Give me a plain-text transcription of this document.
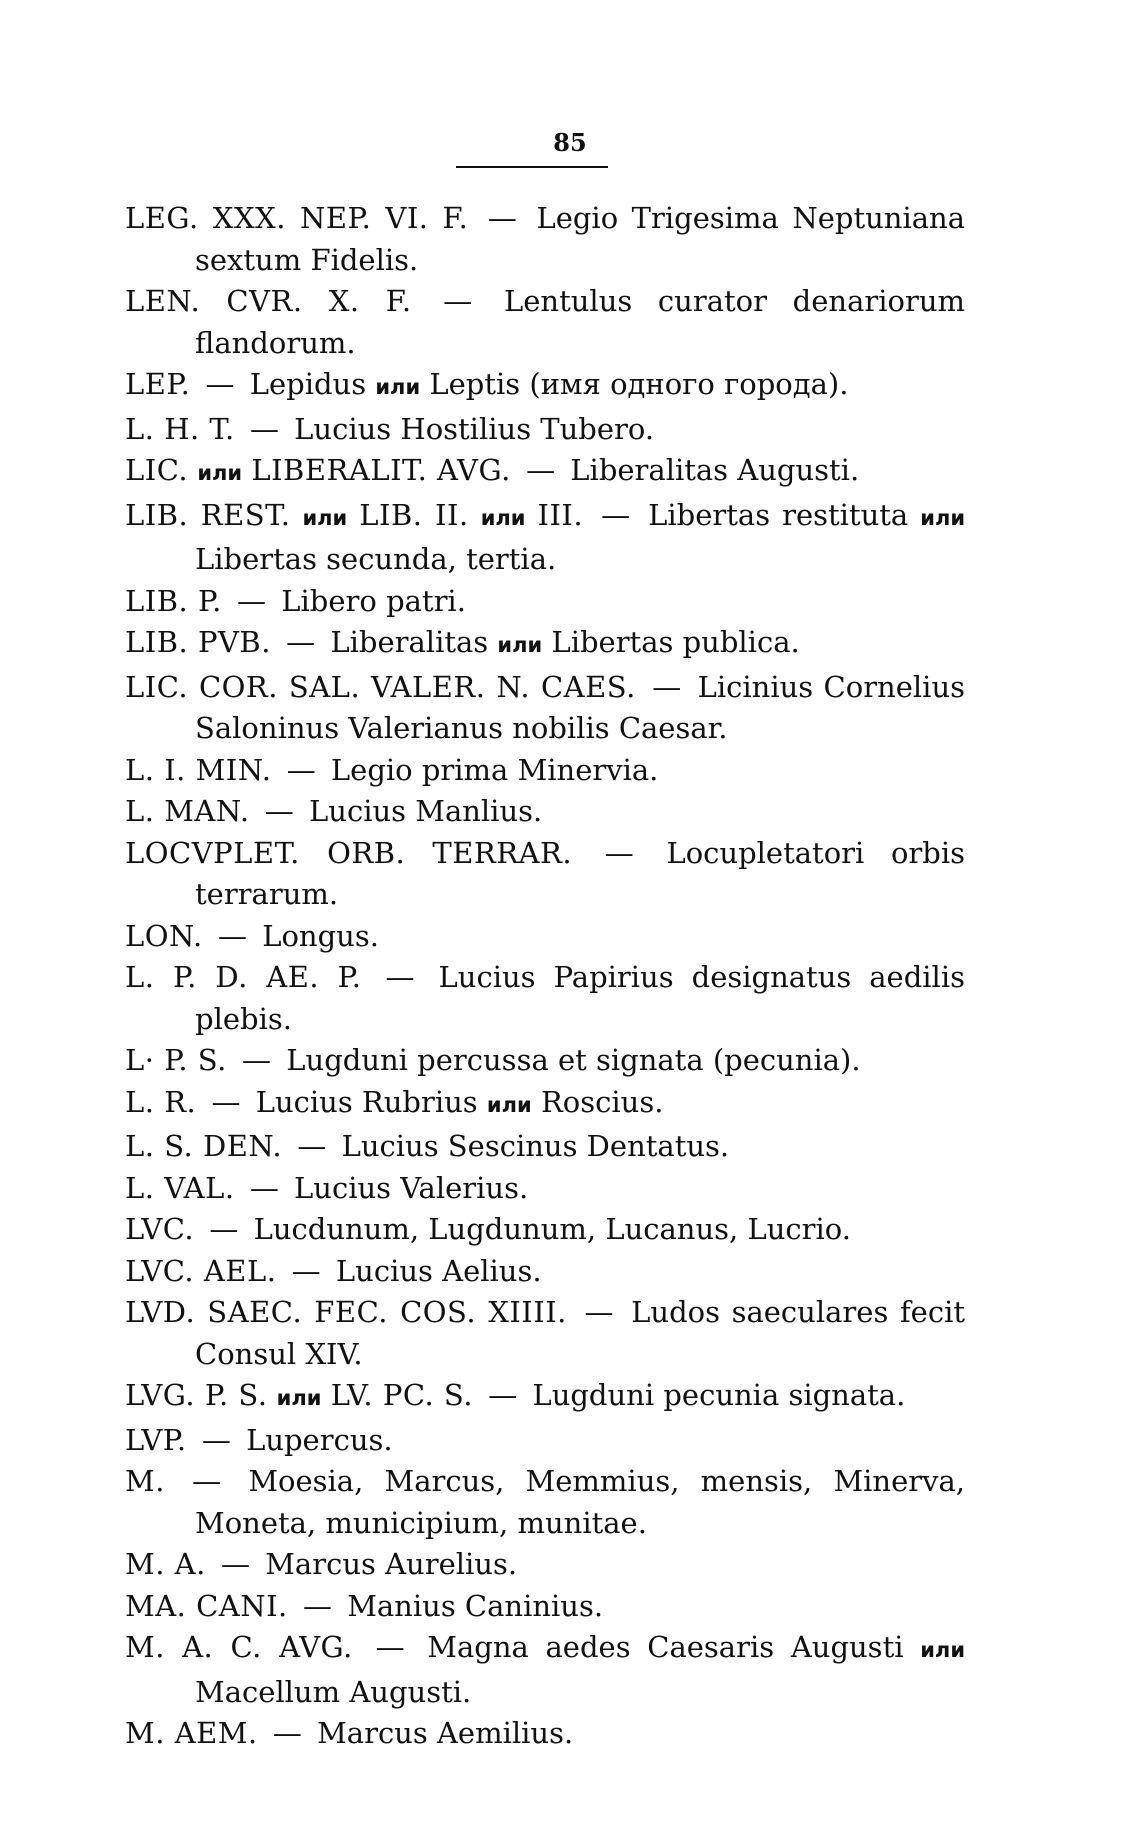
85

LEG. XXX. NEP. VI. F. — Legio Trigesima Neptuniana sextum Fidelis.

LEN. CVR. X. F. — Lentulus curator denariorum flandorum.

LEP. — Lepidus или Leptis (имя одного города).

L. H. T. — Lucius Hostilius Tubero.

LIC. или LIBERALIT. AVG. — Liberalitas Augusti.

LIB. REST. или LIB. II. или III. — Libertas restituta или Libertas secunda, tertia.

LIB. P. — Libero patri.

LIB. PVB. — Liberalitas или Libertas publica.

LIC. COR. SAL. VALER. N. CAES. — Licinius Cornelius Saloninus Valerianus nobilis Caesar.

L. I. MIN. — Legio prima Minervia.

L. MAN. — Lucius Manlius.

LOCVPLET. ORB. TERRAR. — Locupletatori orbis terrarum.

LON. — Longus.

L. P. D. AE. P. — Lucius Papirius designatus aedilis plebis.

L· P. S. — Lugduni percussa et signata (pecunia).

L. R. — Lucius Rubrius или Roscius.

L. S. DEN. — Lucius Sescinus Dentatus.

L. VAL. — Lucius Valerius.

LVC. — Lucdunum, Lugdunum, Lucanus, Lucrio.

LVC. AEL. — Lucius Aelius.

LVD. SAEC. FEC. COS. XIIII. — Ludos saeculares fecit Consul XIV.

LVG. P. S. или LV. PC. S. — Lugduni pecunia signata.

LVP. — Lupercus.

M. — Moesia, Marcus, Memmius, mensis, Minerva, Moneta, municipium, munitae.

M. A. — Marcus Aurelius.

MA. CANI. — Manius Caninius.

M. A. C. AVG. — Magna aedes Caesaris Augusti или Macellum Augusti.

M. AEM. — Marcus Aemilius.
